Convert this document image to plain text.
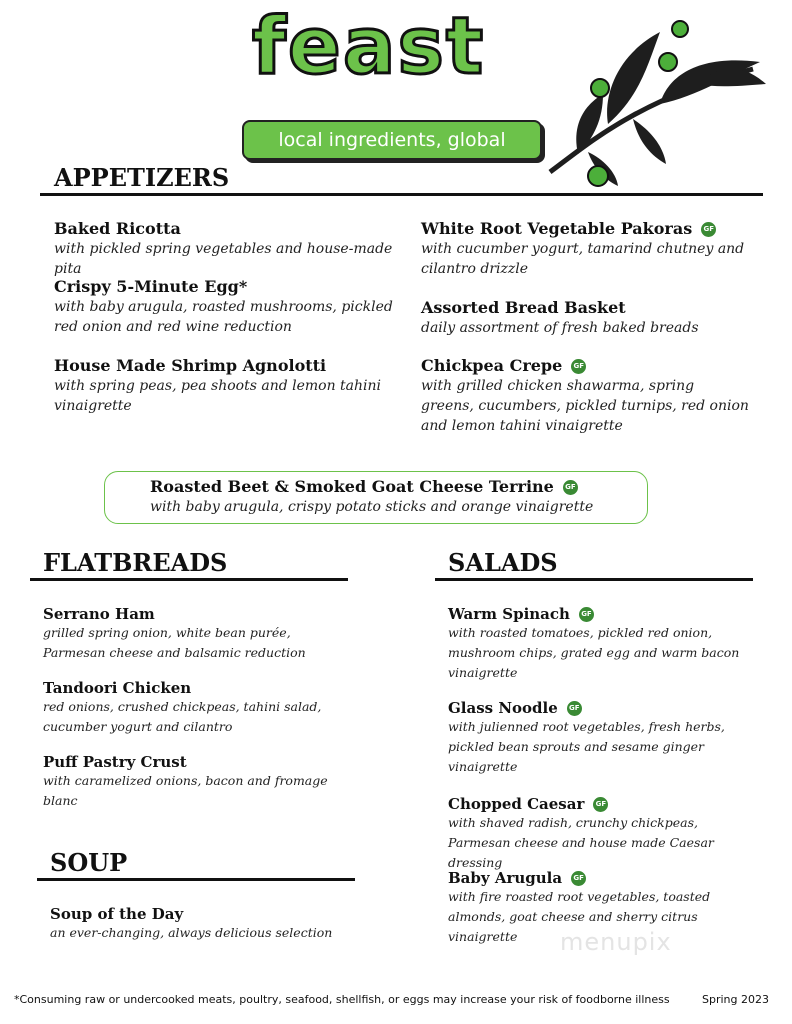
feast
local ingredients, global flavors
APPETIZERS

Baked Ricotta

with pickled spring vegetables and house-made pita

Crispy 5-Minute Egg*

with baby arugula, roasted mushrooms, pickled red onion and red wine reduction

House Made Shrimp Agnolotti

with spring peas, pea shoots and lemon tahini vinaigrette

White Root Vegetable Pakoras	GF

with cucumber yogurt, tamarind chutney and cilantro drizzle

Assorted Bread Basket

daily assortment of fresh baked breads

Chickpea Crepe	GF

with grilled chicken shawarma, spring greens, cucumbers, pickled turnips, red onion and lemon tahini vinaigrette

Roasted Beet & Smoked Goat Cheese Terrine	GF

with baby arugula, crispy potato sticks and orange vinaigrette

FLATBREADS

Serrano Ham

grilled spring onion, white bean purée, Parmesan cheese and balsamic reduction

Tandoori Chicken

red onions, crushed chickpeas, tahini salad, cucumber yogurt and cilantro

Puff Pastry Crust

with caramelized onions, bacon and fromage blanc

SOUP

Soup of the Day

an ever-changing, always delicious selection

SALADS

Warm Spinach	GF

with roasted tomatoes, pickled red onion, mushroom chips, grated egg and warm bacon vinaigrette

Glass Noodle	GF

with julienned root vegetables, fresh herbs, pickled bean sprouts and sesame ginger vinaigrette

Chopped Caesar	GF

with shaved radish, crunchy chickpeas, Parmesan cheese and house made Caesar dressing

Baby Arugula	GF

with fire roasted root vegetables, toasted almonds, goat cheese and sherry citrus vinaigrette	menupix
*Consuming raw or undercooked meats, poultry, seafood, shellfish, or eggs may increase your risk of foodborne illness	Spring 2023
